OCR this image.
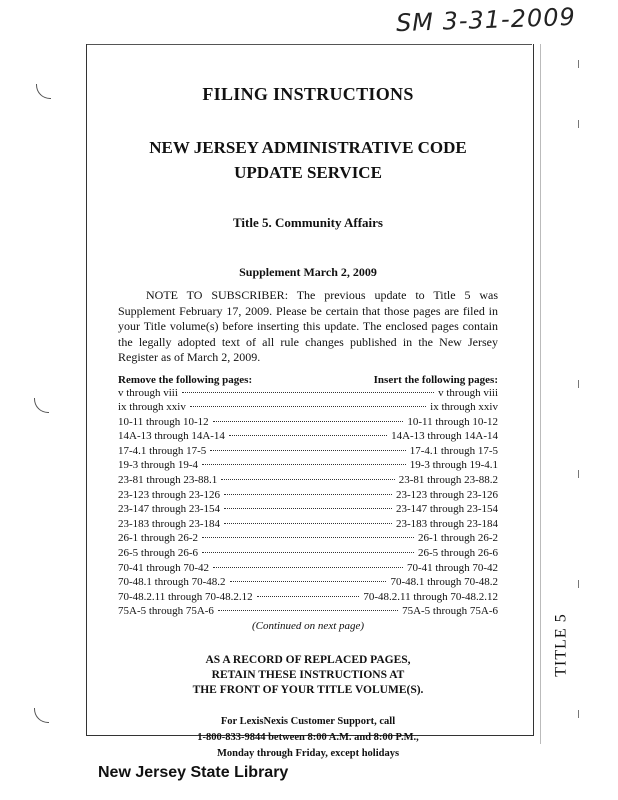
SM 3-31-2009
TITLE 5

FILING INSTRUCTIONS

NEW JERSEY ADMINISTRATIVE CODE

UPDATE SERVICE

Title 5. Community Affairs
Supplement March 2, 2009

NOTE TO SUBSCRIBER: The previous update to Title 5 was Supplement February 17, 2009. Please be certain that those pages are filed in your Title volume(s) before inserting this update. The enclosed pages contain the legally adopted text of all rule changes published in the New Jersey Register as of March 2, 2009.

Remove the following pages:	Insert the following pages:
v through viii	v through viii
ix through xxiv	ix through xxiv
10-11 through 10-12	10-11 through 10-12
14A-13 through 14A-14	14A-13 through 14A-14
17-4.1 through 17-5	17-4.1 through 17-5
19-3 through 19-4	19-3 through 19-4.1
23-81 through 23-88.1	23-81 through 23-88.2
23-123 through 23-126	23-123 through 23-126
23-147 through 23-154	23-147 through 23-154
23-183 through 23-184	23-183 through 23-184
26-1 through 26-2	26-1 through 26-2
26-5 through 26-6	26-5 through 26-6
70-41 through 70-42	70-41 through 70-42
70-48.1 through 70-48.2	70-48.1 through 70-48.2
70-48.2.11 through 70-48.2.12	70-48.2.11 through 70-48.2.12
75A-5 through 75A-6	75A-5 through 75A-6
(Continued on next page)
AS A RECORD OF REPLACED PAGES,
RETAIN THESE INSTRUCTIONS AT
THE FRONT OF YOUR TITLE VOLUME(S).
For LexisNexis Customer Support, call
1-800-833-9844 between 8:00 A.M. and 8:00 P.M.,
Monday through Friday, except holidays
New Jersey State Library
